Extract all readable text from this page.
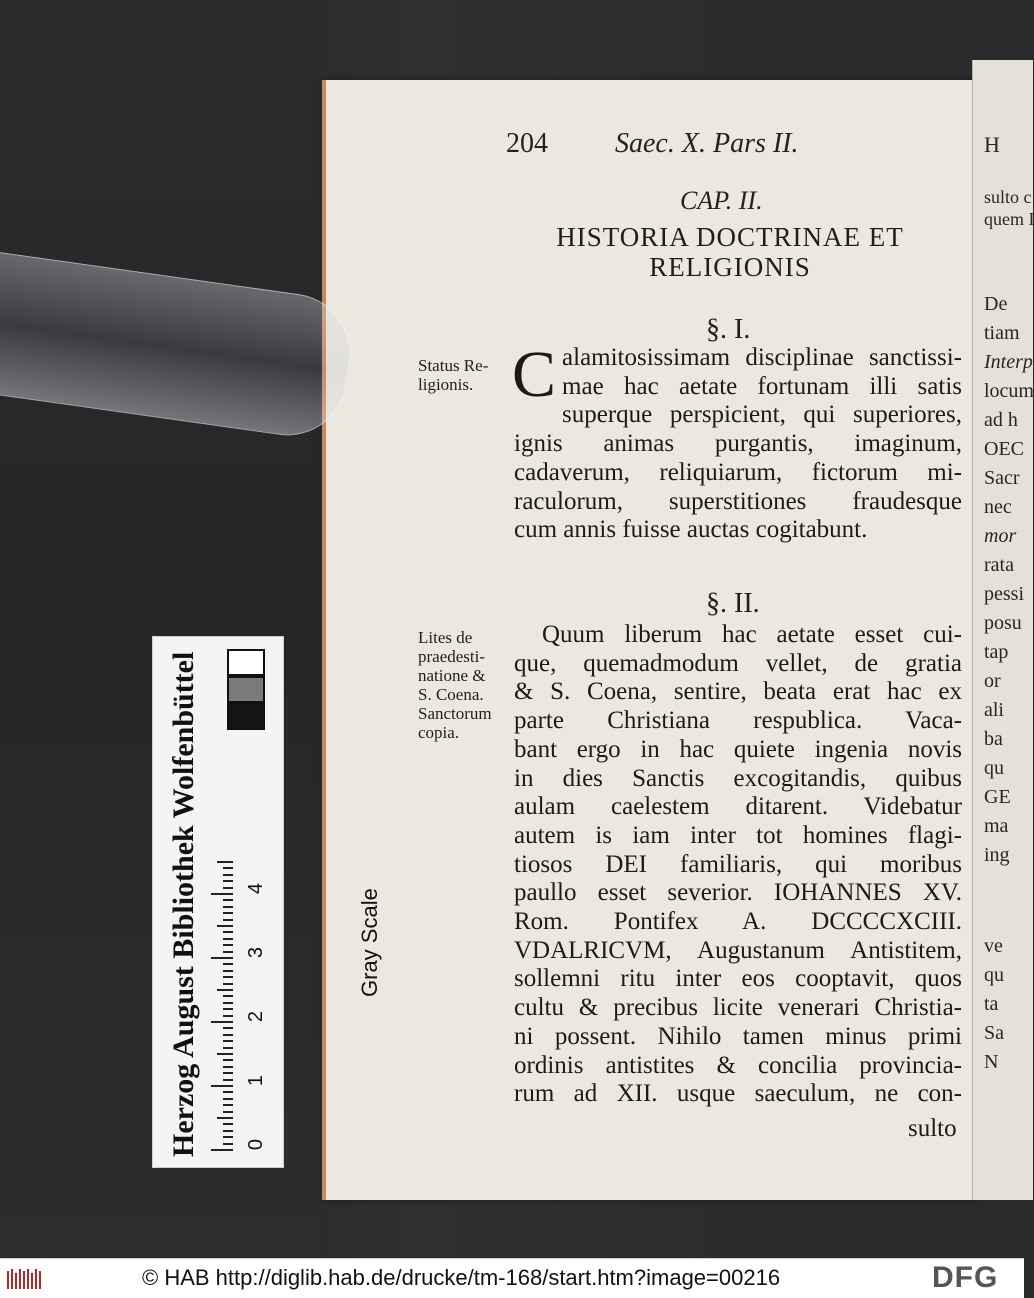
H
sulto c
quem I
De
tiam
Interp
locum
ad h
OEC
Sacr
nec
mor
rata
pessi
posu
tap
or
ali
ba
qu
GE
ma
ing
ve
qu
ta
Sa
N
204 Saec. X. Pars II.
CAP. II.
HISTORIA DOCTRINAE ET
RELIGIONIS
§. I.
Status Re-
ligionis. C alamitosissimam disciplinae sanctissi-
mae hac aetate fortunam illi satis
superque perspicient, qui superiores,
ignis animas purgantis, imaginum,
cadaverum, reliquiarum, fictorum mi-
raculorum, superstitiones fraudesque
cum annis fuisse auctas cogitabunt.
§. II.
Lites de
praedesti-
natione &
S. Coena.
Sanctorum
copia.
Quum liberum hac aetate esset cui-
que, quemadmodum vellet, de gratia
& S. Coena, sentire, beata erat hac ex
parte Christiana respublica. Vaca-
bant ergo in hac quiete ingenia novis
in dies Sanctis excogitandis, quibus
aulam caelestem ditarent. Videbatur
autem is iam inter tot homines flagi-
tiosos DEI familiaris, qui moribus
paullo esset severior. IOHANNES XV.
Rom. Pontifex A. DCCCCXCIII.
VDALRICVM, Augustanum Antistitem,
sollemni ritu inter eos cooptavit, quos
cultu & precibus licite venerari Christia-
ni possent. Nihilo tamen minus primi
ordinis antistites & concilia provincia-
rum ad XII. usque saeculum, ne con-
sulto
Herzog August Bibliothek Wolfenbüttel	Gray Scale
0
1
2
3
4
© HAB http://diglib.hab.de/drucke/tm-168/start.htm?image=00216	DFG
